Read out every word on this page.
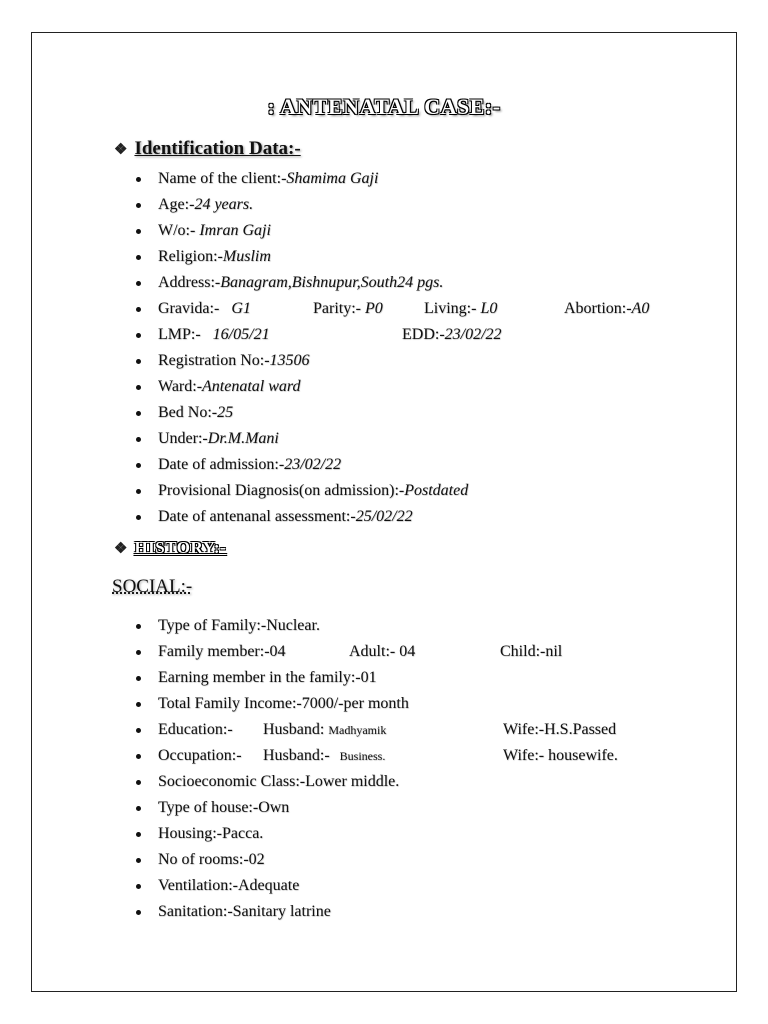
: ANTENATAL CASE:-
❖ Identification Data:-
Name of the client:-Shamima Gaji
Age:-24 years.
W/o:- Imran Gaji
Religion:-Muslim
Address:-Banagram,Bishnupur,South24 pgs.
Gravida:- G1	Parity:- P0	Living:- L0	Abortion:-A0
LMP:- 16/05/21	EDD:-23/02/22
Registration No:-13506
Ward:-Antenatal ward
Bed No:-25
Under:-Dr.M.Mani
Date of admission:-23/02/22
Provisional Diagnosis(on admission):-Postdated
Date of antenanal assessment:-25/02/22
❖ HISTORY:-
SOCIAL:-
Type of Family:-Nuclear.
Family member:-04	Adult:- 04	Child:-nil
Earning member in the family:-01
Total Family Income:-7000/-per month
Education:- Husband: Madhyamik	Wife:-H.S.Passed
Occupation:- Husband:- Business.	Wife:- housewife.
Socioeconomic Class:-Lower middle.
Type of house:-Own
Housing:-Pacca.
No of rooms:-02
Ventilation:-Adequate
Sanitation:-Sanitary latrine
